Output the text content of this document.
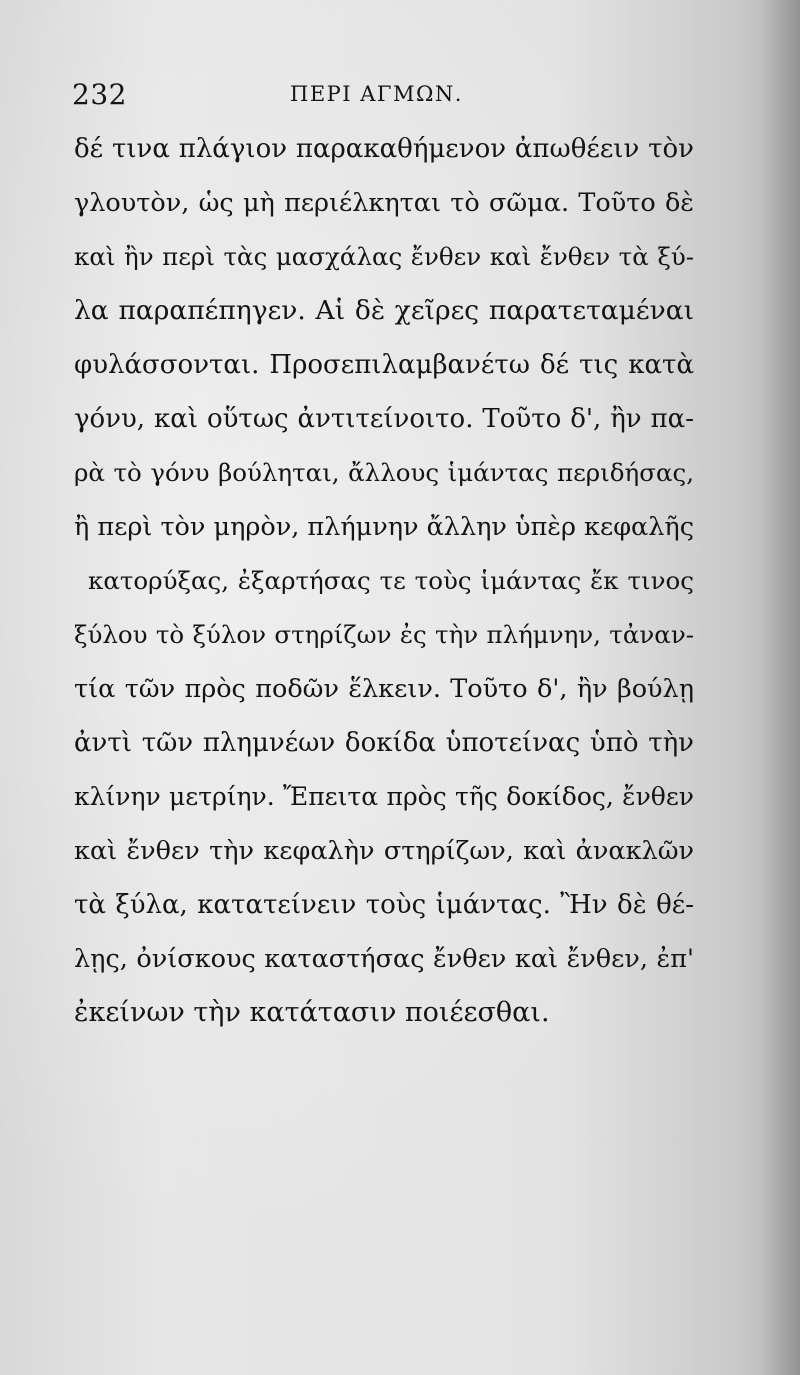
232	ΠΕΡΙ ΑΓΜΩΝ.
δέ τινα πλάγιον παρακαθήμενον ἀπωθέειν τὸν
γλουτὸν, ὡς μὴ περιέλκηται τὸ σῶμα. Τοῦτο δὲ
καὶ ἢν περὶ τὰς μασχάλας ἔνθεν καὶ ἔνθεν τὰ ξύ-
λα παραπέπηγεν. Αἱ δὲ χεῖρες παρατεταμέναι
φυλάσσονται. Προσεπιλαμβανέτω δέ τις κατὰ
γόνυ, καὶ οὕτως ἀντιτείνοιτο. Τοῦτο δ', ἢν πα-
ρὰ τὸ γόνυ βούληται, ἄλλους ἱμάντας περιδήσας,
ἢ περὶ τὸν μηρὸν, πλήμνην ἄλλην ὑπὲρ κεφαλῆς
κατορύξας, ἐξαρτήσας τε τοὺς ἱμάντας ἔκ τινος
ξύλου τὸ ξύλον στηρίζων ἐς τὴν πλήμνην, τἀναν-
τία τῶν πρὸς ποδῶν ἕλκειν. Τοῦτο δ', ἢν βούλῃ
ἀντὶ τῶν πλημνέων δοκίδα ὑποτείνας ὑπὸ τὴν
κλίνην μετρίην. Ἔπειτα πρὸς τῆς δοκίδος, ἔνθεν
καὶ ἔνθεν τὴν κεφαλὴν στηρίζων, καὶ ἀνακλῶν
τὰ ξύλα, κατατείνειν τοὺς ἱμάντας. Ἢν δὲ θέ-
λῃς, ὀνίσκους καταστήσας ἔνθεν καὶ ἔνθεν, ἐπ'
ἐκείνων τὴν κατάτασιν ποιέεσθαι.
